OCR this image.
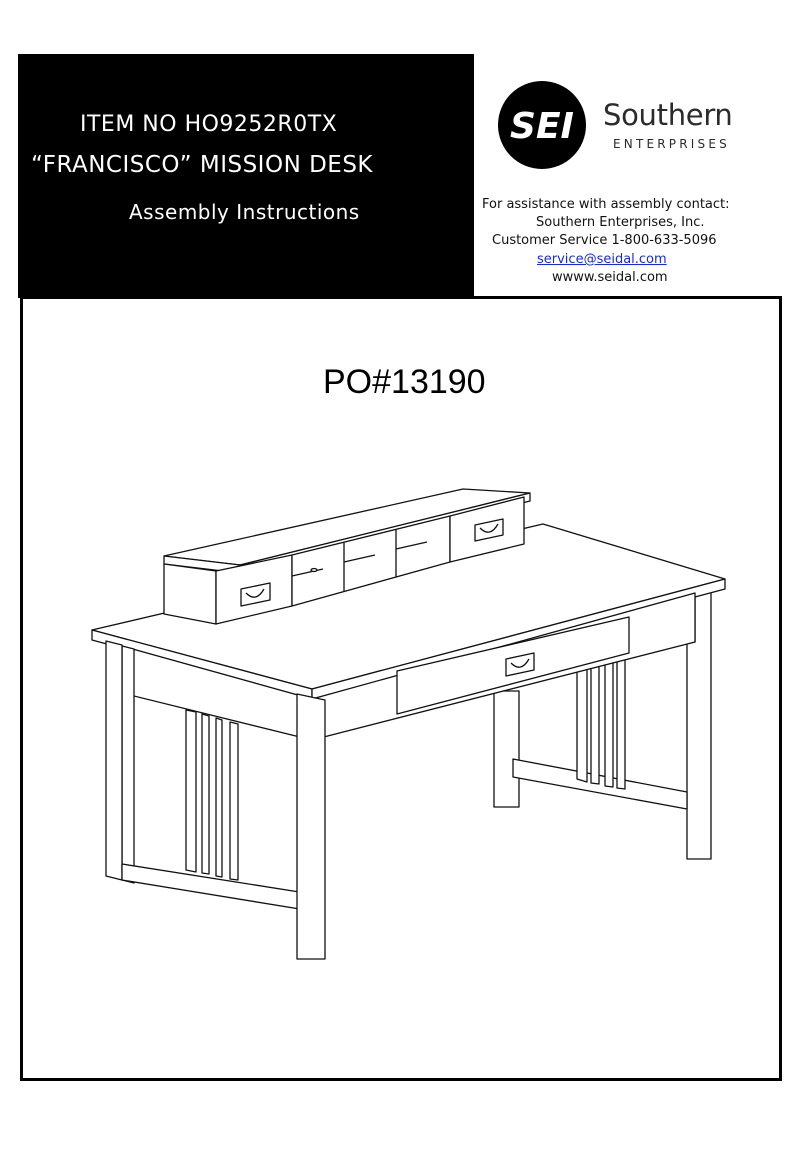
ITEM NO HO9252R0TX
“FRANCISCO” MISSION DESK
Assembly Instructions
SEI Southern
ENTERPRISES
For assistance with assembly contact:
Southern Enterprises, Inc.
Customer Service 1-800-633-5096
service@seidal.com
wwww.seidal.com
PO#13190
